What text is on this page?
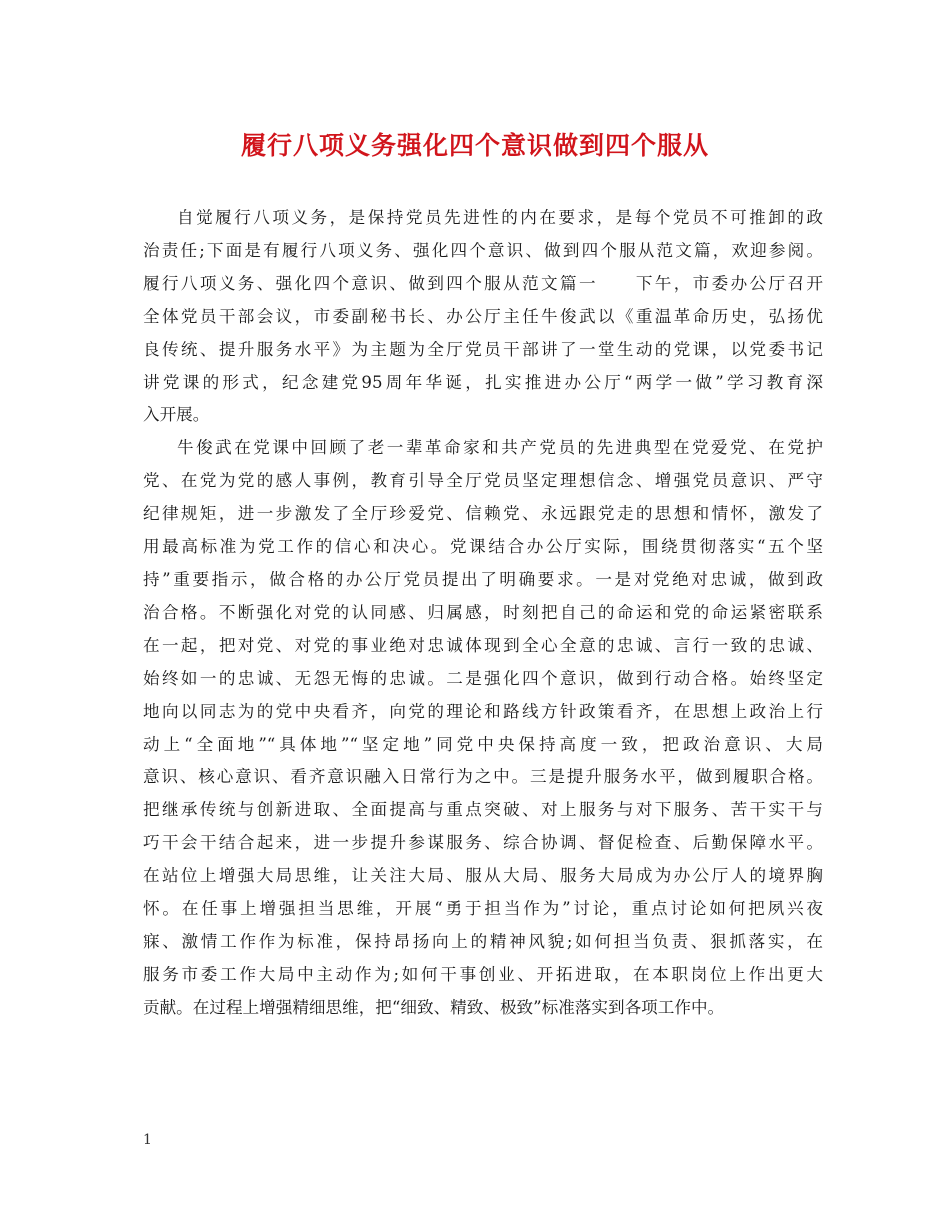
履行八项义务强化四个意识做到四个服从
自觉履行八项义务，是保持党员先进性的内在要求，是每个党员不可推卸的政
治责任;下面是有履行八项义务、强化四个意识、做到四个服从范文篇，欢迎参阅。
履行八项义务、强化四个意识、做到四个服从范文篇一　　下午，市委办公厅召开
全体党员干部会议，市委副秘书长、办公厅主任牛俊武以《重温革命历史，弘扬优
良传统、提升服务水平》为主题为全厅党员干部讲了一堂生动的党课，以党委书记
讲党课的形式，纪念建党95周年华诞，扎实推进办公厅“两学一做”学习教育深
入开展。
牛俊武在党课中回顾了老一辈革命家和共产党员的先进典型在党爱党、在党护
党、在党为党的感人事例，教育引导全厅党员坚定理想信念、增强党员意识、严守
纪律规矩，进一步激发了全厅珍爱党、信赖党、永远跟党走的思想和情怀，激发了
用最高标准为党工作的信心和决心。党课结合办公厅实际，围绕贯彻落实“五个坚
持”重要指示，做合格的办公厅党员提出了明确要求。一是对党绝对忠诚，做到政
治合格。不断强化对党的认同感、归属感，时刻把自己的命运和党的命运紧密联系
在一起，把对党、对党的事业绝对忠诚体现到全心全意的忠诚、言行一致的忠诚、
始终如一的忠诚、无怨无悔的忠诚。二是强化四个意识，做到行动合格。始终坚定
地向以同志为的党中央看齐，向党的理论和路线方针政策看齐，在思想上政治上行
动上“全面地”“具体地”“坚定地”同党中央保持高度一致，把政治意识、大局
意识、核心意识、看齐意识融入日常行为之中。三是提升服务水平，做到履职合格。
把继承传统与创新进取、全面提高与重点突破、对上服务与对下服务、苦干实干与
巧干会干结合起来，进一步提升参谋服务、综合协调、督促检查、后勤保障水平。
在站位上增强大局思维，让关注大局、服从大局、服务大局成为办公厅人的境界胸
怀。在任事上增强担当思维，开展“勇于担当作为”讨论，重点讨论如何把夙兴夜
寐、激情工作作为标准，保持昂扬向上的精神风貌;如何担当负责、狠抓落实，在
服务市委工作大局中主动作为;如何干事创业、开拓进取，在本职岗位上作出更大
贡献。在过程上增强精细思维，把“细致、精致、极致”标准落实到各项工作中。
1
